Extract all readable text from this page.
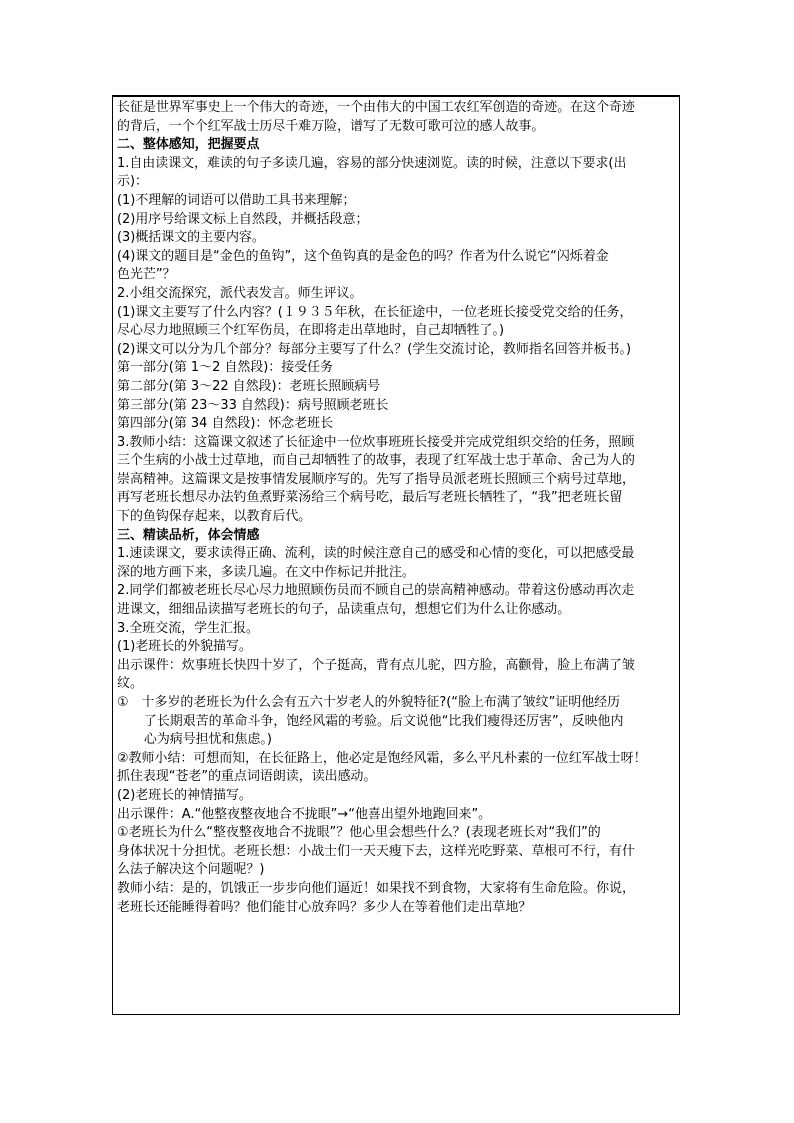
长征是世界军事史上一个伟大的奇迹，一个由伟大的中国工农红军创造的奇迹。在这个奇迹
的背后，一个个红军战士历尽千难万险，谱写了无数可歌可泣的感人故事。
二、整体感知，把握要点
1.自由读课文，难读的句子多读几遍，容易的部分快速浏览。读的时候，注意以下要求(出
示)：
(1)不理解的词语可以借助工具书来理解；
(2)用序号给课文标上自然段，并概括段意；
(3)概括课文的主要内容。
(4)课文的题目是“金色的鱼钩”，这个鱼钩真的是金色的吗？作者为什么说它“闪烁着金
色光芒”？
2.小组交流探究，派代表发言。师生评议。
(1)课文主要写了什么内容？(１９３５年秋，在长征途中，一位老班长接受党交给的任务，
尽心尽力地照顾三个红军伤员，在即将走出草地时，自己却牺牲了。)
(2)课文可以分为几个部分？每部分主要写了什么？(学生交流讨论，教师指名回答并板书。)
第一部分(第 1～2 自然段)：接受任务
第二部分(第 3～22 自然段)：老班长照顾病号
第三部分(第 23～33 自然段)：病号照顾老班长
第四部分(第 34 自然段)：怀念老班长
3.教师小结：这篇课文叙述了长征途中一位炊事班班长接受并完成党组织交给的任务，照顾
三个生病的小战士过草地，而自己却牺牲了的故事，表现了红军战士忠于革命、舍己为人的
崇高精神。这篇课文是按事情发展顺序写的。先写了指导员派老班长照顾三个病号过草地，
再写老班长想尽办法钓鱼煮野菜汤给三个病号吃，最后写老班长牺牲了，“我”把老班长留
下的鱼钩保存起来，以教育后代。
三、精读品析，体会情感
1.速读课文，要求读得正确、流利，读的时候注意自己的感受和心情的变化，可以把感受最
深的地方画下来，多读几遍。在文中作标记并批注。
2.同学们都被老班长尽心尽力地照顾伤员而不顾自己的崇高精神感动。带着这份感动再次走
进课文，细细品读描写老班长的句子，品读重点句，想想它们为什么让你感动。
3.全班交流，学生汇报。
(1)老班长的外貌描写。
出示课件：炊事班长快四十岁了，个子挺高，背有点儿驼，四方脸，高颧骨，脸上布满了皱
纹。
①　十多岁的老班长为什么会有五六十岁老人的外貌特征?(“脸上布满了皱纹”证明他经历
了长期艰苦的革命斗争，饱经风霜的考验。后文说他“比我们瘦得还厉害”，反映他内
心为病号担忧和焦虑。)
②教师小结：可想而知，在长征路上，他必定是饱经风霜，多么平凡朴素的一位红军战士呀！
抓住表现“苍老”的重点词语朗读，读出感动。
(2)老班长的神情描写。
出示课件：A.“他整夜整夜地合不拢眼”→“他喜出望外地跑回来”。
①老班长为什么“整夜整夜地合不拢眼”？他心里会想些什么？(表现老班长对“我们”的
身体状况十分担忧。老班长想：小战士们一天天瘦下去，这样光吃野菜、草根可不行，有什
么法子解决这个问题呢？)
教师小结：是的，饥饿正一步步向他们逼近！如果找不到食物，大家将有生命危险。你说，
老班长还能睡得着吗？他们能甘心放弃吗？多少人在等着他们走出草地？
